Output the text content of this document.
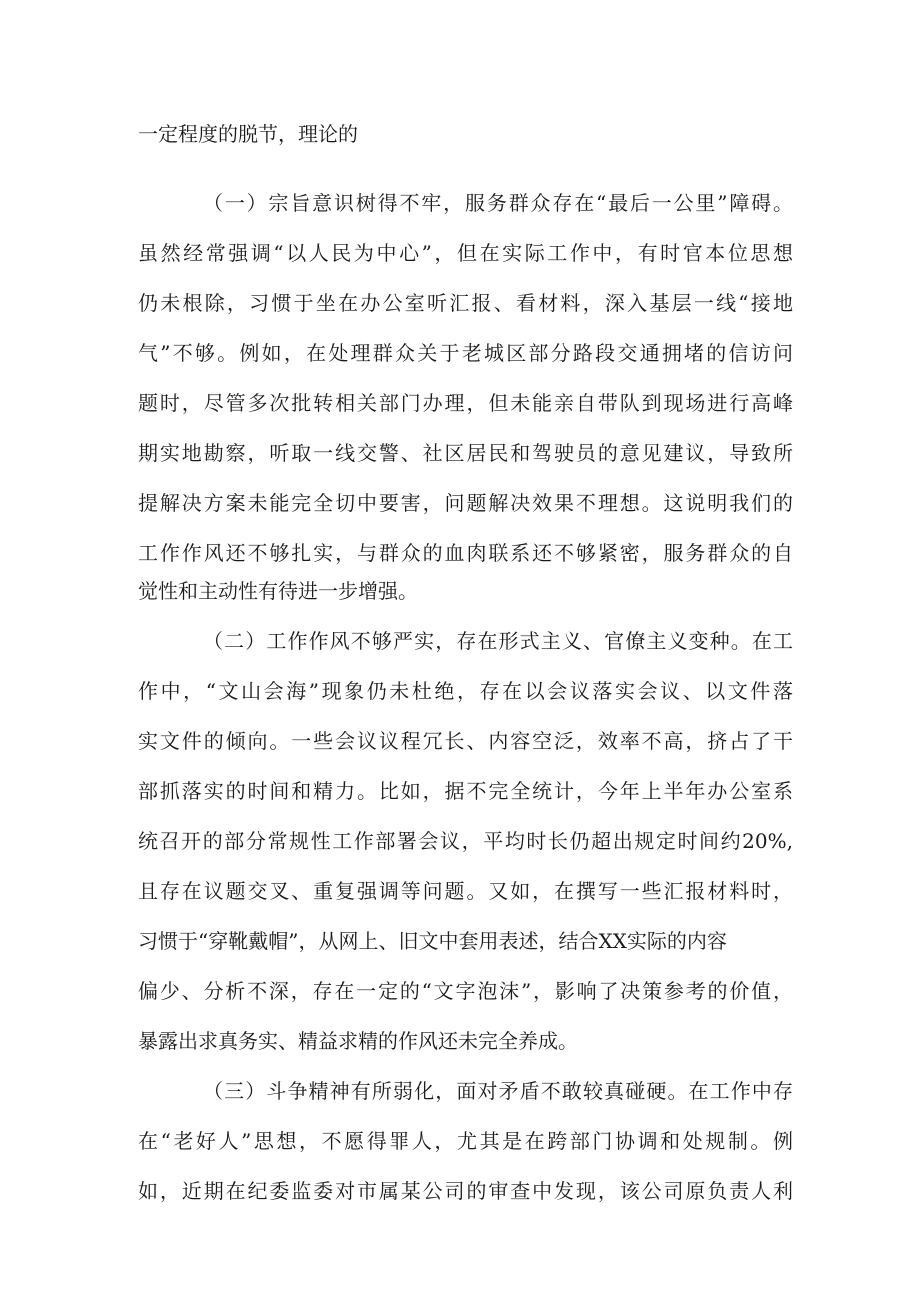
一定程度的脱节，理论的
（一）宗旨意识树得不牢，服务群众存在“最后一公里”障碍。
虽然经常强调“以人民为中心”，但在实际工作中，有时官本位思想
仍未根除，习惯于坐在办公室听汇报、看材料，深入基层一线“接地
气”不够。例如，在处理群众关于老城区部分路段交通拥堵的信访问
题时，尽管多次批转相关部门办理，但未能亲自带队到现场进行高峰
期实地勘察，听取一线交警、社区居民和驾驶员的意见建议，导致所
提解决方案未能完全切中要害，问题解决效果不理想。这说明我们的
工作作风还不够扎实，与群众的血肉联系还不够紧密，服务群众的自
觉性和主动性有待进一步增强。
（二）工作作风不够严实，存在形式主义、官僚主义变种。在工
作中，“文山会海”现象仍未杜绝，存在以会议落实会议、以文件落
实文件的倾向。一些会议议程冗长、内容空泛，效率不高，挤占了干
部抓落实的时间和精力。比如，据不完全统计，今年上半年办公室系
统召开的部分常规性工作部署会议，平均时长仍超出规定时间约20%,
且存在议题交叉、重复强调等问题。又如，在撰写一些汇报材料时，
习惯于“穿靴戴帽”，从网上、旧文中套用表述，结合XX实际的内容
偏少、分析不深，存在一定的“文字泡沫”，影响了决策参考的价值，
暴露出求真务实、精益求精的作风还未完全养成。
（三）斗争精神有所弱化，面对矛盾不敢较真碰硬。在工作中存
在“老好人”思想，不愿得罪人，尤其是在跨部门协调和处规制。例
如，近期在纪委监委对市属某公司的审查中发现，该公司原负责人利
